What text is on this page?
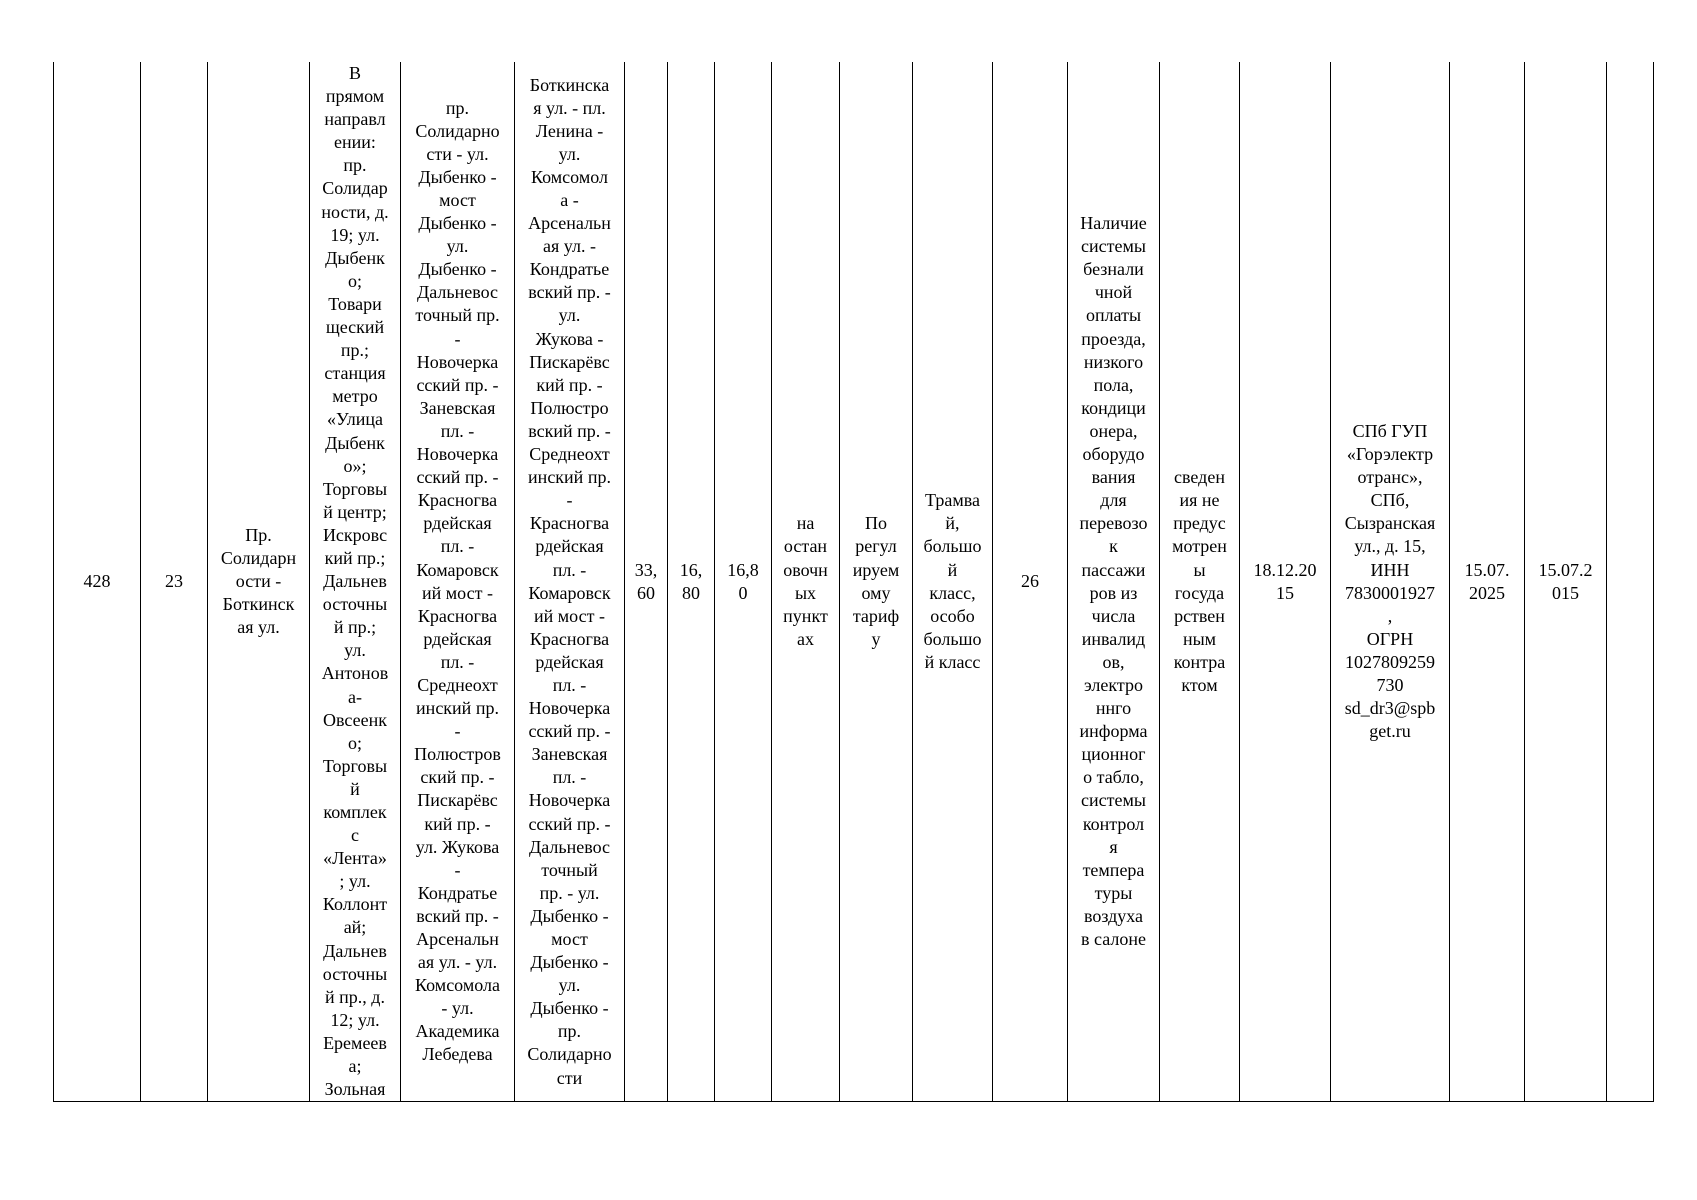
428	23	Пр.
Солидарн
ости -
Боткинск
ая ул.	В
прямом
направл
ении:
пр.
Солидар
ности, д.
19; ул.
Дыбенк
о;
Товари
щеский
пр.;
станция
метро
«Улица
Дыбенк
о»;
Торговы
й центр;
Искровс
кий пр.;
Дальнев
осточны
й пр.;
ул.
Антонов
а-
Овсеенк
о;
Торговы
й
комплек
с
«Лента»
; ул.
Коллонт
ай;
Дальнев
осточны
й пр., д.
12; ул.
Еремеев
а;
Зольная	пр.
Солидарно
сти - ул.
Дыбенко -
мост
Дыбенко -
ул.
Дыбенко -
Дальневос
точный пр.
-
Новочерка
сский пр. -
Заневская
пл. -
Новочерка
сский пр. -
Красногва
рдейская
пл. -
Комаровск
ий мост -
Красногва
рдейская
пл. -
Среднеохт
инский пр.
-
Полюстров
ский пр. -
Пискарёвс
кий пр. -
ул. Жукова
-
Кондратье
вский пр. -
Арсенальн
ая ул. - ул.
Комсомола
- ул.
Академика
Лебедева	Боткинска
я ул. - пл.
Ленина -
ул.
Комсомол
а -
Арсенальн
ая ул. -
Кондратье
вский пр. -
ул.
Жукова -
Пискарёвс
кий пр. -
Полюстро
вский пр. -
Среднеохт
инский пр.
-
Красногва
рдейская
пл. -
Комаровск
ий мост -
Красногва
рдейская
пл. -
Новочерка
сский пр. -
Заневская
пл. -
Новочерка
сский пр. -
Дальневос
точный
пр. - ул.
Дыбенко -
мост
Дыбенко -
ул.
Дыбенко -
пр.
Солидарно
сти	33,
60	16,
80	16,8
0	на
остан
овочн
ых
пункт
ах	По
регул
ируем
ому
тариф
у	Трамва
й,
большо
й
класс,
особо
большо
й класс	26	Наличие
системы
безнали
чной
оплаты
проезда,
низкого
пола,
кондици
онера,
оборудо
вания
для
перевозо
к
пассажи
ров из
числа
инвалид
ов,
электро
ннго
информа
ционног
о табло,
системы
контрол
я
темпера
туры
воздуха
в салоне	сведен
ия не
предус
мотрен
ы
госуда
рствен
ным
контра
ктом	18.12.20
15	СПб ГУП
«Горэлектр
отранс»,
СПб,
Сызранская
ул., д. 15,
ИНН
7830001927
,
ОГРН
1027809259
730
sd_dr3@spb
get.ru	15.07.
2025	15.07.2
015	
